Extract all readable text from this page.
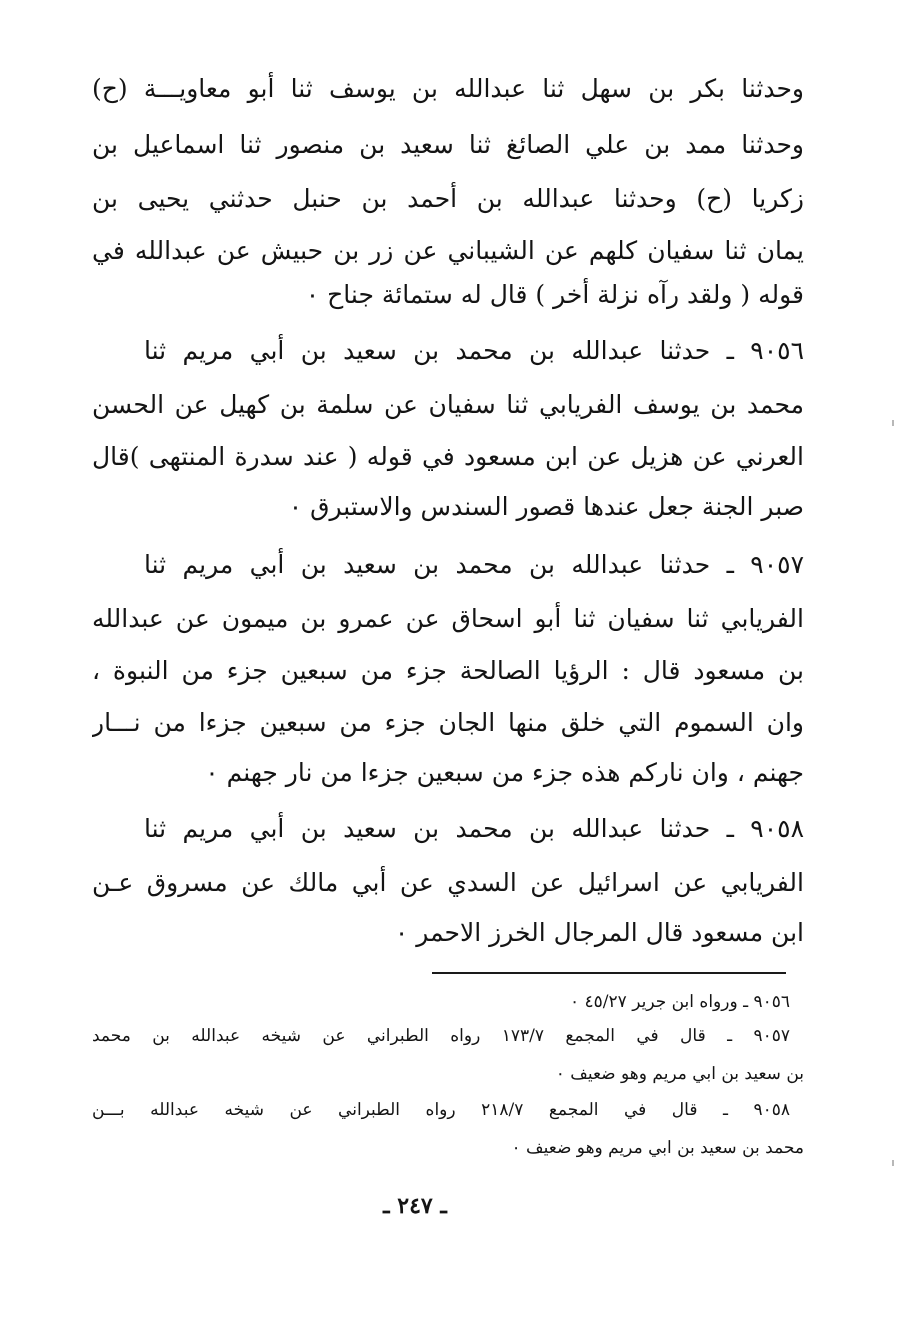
وحدثنا بكر بن سهل ثنا عبدالله بن يوسف ثنا أبو معاويـــة (ح)
وحدثنا ممد بن علي الصائغ ثنا سعيد بن منصور ثنا اسماعيل بن
زكريا (ح) وحدثنا عبدالله بن أحمد بن حنبل حدثني يحيى بن
يمان ثنا سفيان كلهم عن الشيباني عن زر بن حبيش عن عبدالله في
قوله ( ولقد رآه نزلة أخر ) قال له ستمائة جناح ٠
٩٠٥٦ ـ حدثنا عبدالله بن محمد بن سعيد بن أبي مريم ثنا
محمد بن يوسف الفريابي ثنا سفيان عن سلمة بن كهيل عن الحسن
العرني عن هزيل عن ابن مسعود في قوله ( عند سدرة المنتهى )قال
صبر الجنة جعل عندها قصور السندس والاستبرق ٠
٩٠٥٧ ـ حدثنا عبدالله بن محمد بن سعيد بن أبي مريم ثنا
الفريابي ثنا سفيان ثنا أبو اسحاق عن عمرو بن ميمون عن عبدالله
بن مسعود قال : الرؤيا الصالحة جزء من سبعين جزء من النبوة ،
وان السموم التي خلق منها الجان جزء من سبعين جزءا من نـــار
جهنم ، وان ناركم هذه جزء من سبعين جزءا من نار جهنم ٠
٩٠٥٨ ـ حدثنا عبدالله بن محمد بن سعيد بن أبي مريم ثنا
الفريابي عن اسرائيل عن السدي عن أبي مالك عن مسروق عـن
ابن مسعود قال المرجال الخرز الاحمر ٠
٩٠٥٦ ـ ورواه ابن جرير ٤٥/٢٧ ٠
٩٠٥٧ ـ قال في المجمع ١٧٣/٧ رواه الطبراني عن شيخه عبدالله بن محمد
بن سعيد بن ابي مريم وهو ضعيف ٠
٩٠٥٨ ـ قال في المجمع ٢١٨/٧ رواه الطبراني عن شيخه عبدالله بـــن
محمد بن سعيد بن ابي مريم وهو ضعيف ٠
ـ ٢٤٧ ـ
